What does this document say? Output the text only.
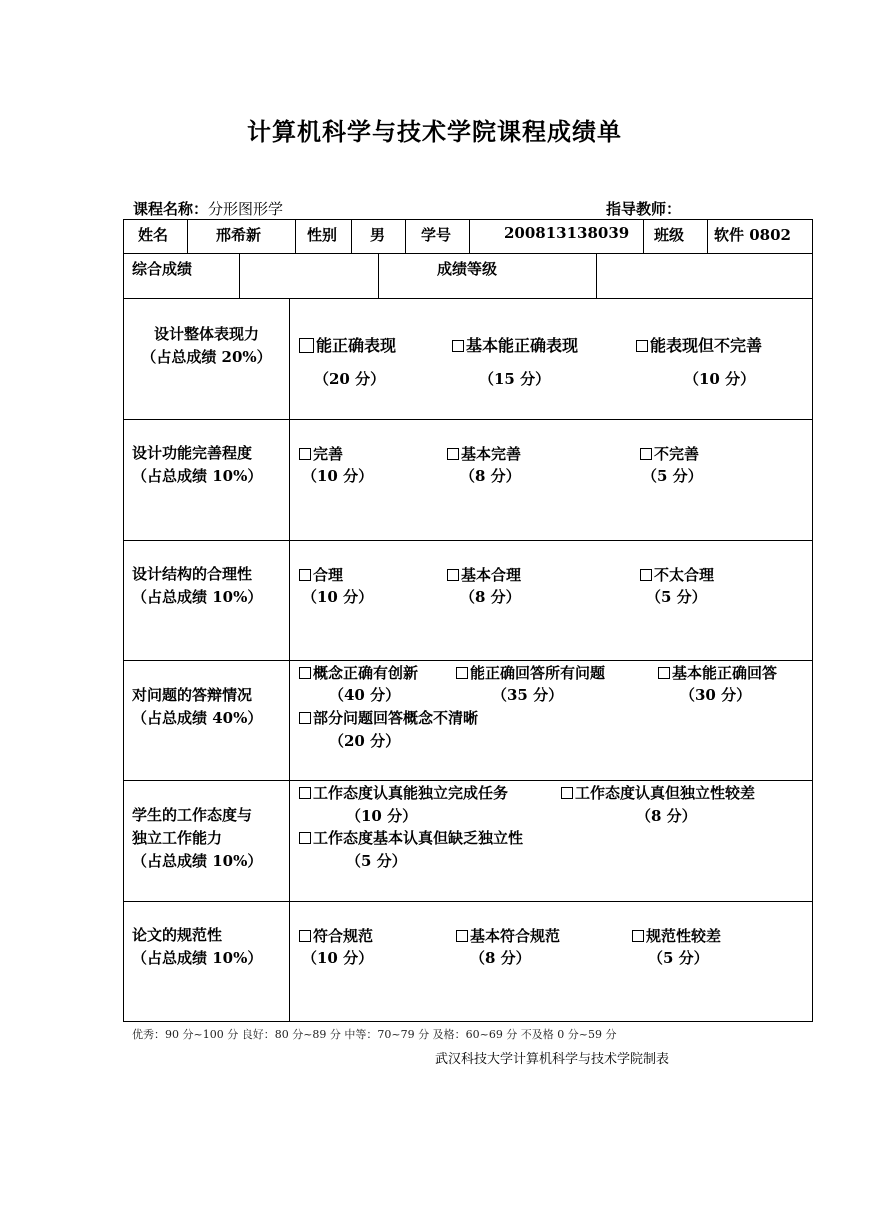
计算机科学与技术学院课程成绩单
课程名称：分形图形学	指导教师：
姓名	邢希新	性别 男 学号	200813138039 班级 软件 0802
综合成绩	成绩等级
设计整体表现力
（占总成绩 20%）
能正确表现	基本能正确表现	能表现但不完善
（20 分）	（15 分）	（10 分）
设计功能完善程度
（占总成绩 10%）
完善	基本完善	不完善
（10 分）	（8 分）	（5 分）
设计结构的合理性
（占总成绩 10%）
合理	基本合理	不太合理
（10 分）	（8 分）	（5 分）
对问题的答辩情况
（占总成绩 40%）
概念正确有创新	能正确回答所有问题	基本能正确回答
（40 分）	（35 分）	（30 分）
部分问题回答概念不清晰
（20 分）
学生的工作态度与
独立工作能力
（占总成绩 10%）
工作态度认真能独立完成任务	工作态度认真但独立性较差
（10 分）	（8 分）
工作态度基本认真但缺乏独立性
（5 分）
论文的规范性
（占总成绩 10%）
符合规范	基本符合规范	规范性较差
（10 分）	（8 分）	（5 分）
优秀：90 分~100 分 良好：80 分~89 分 中等：70~79 分 及格：60~69 分 不及格 0 分~59 分
武汉科技大学计算机科学与技术学院制表
